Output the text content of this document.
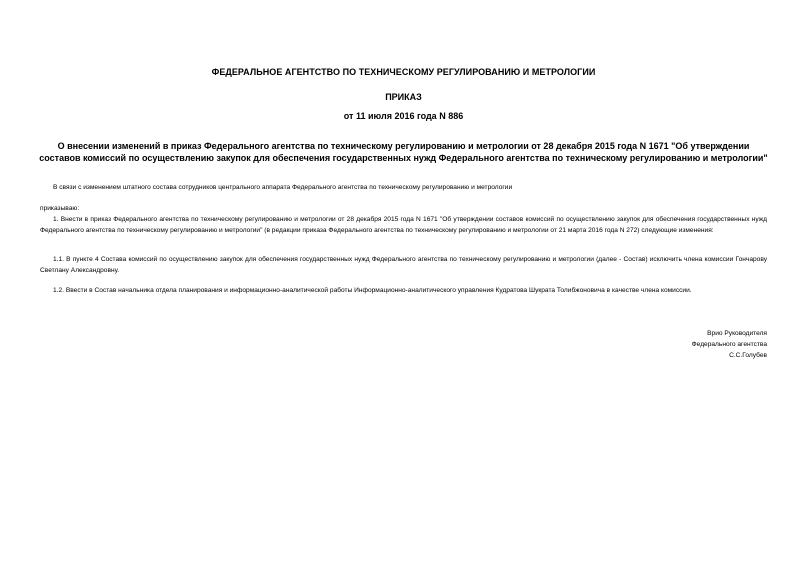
ФЕДЕРАЛЬНОЕ АГЕНТСТВО ПО ТЕХНИЧЕСКОМУ РЕГУЛИРОВАНИЮ И МЕТРОЛОГИИ
ПРИКАЗ
от 11 июля 2016 года N 886
О внесении изменений в приказ Федерального агентства по техническому регулированию и метрологии от 28 декабря 2015 года N 1671 "Об утверждении составов комиссий по осуществлению закупок для обеспечения государственных нужд Федерального агентства по техническому регулированию и метрологии"
В связи с изменением штатного состава сотрудников центрального аппарата Федерального агентства по техническому регулированию и метрологии
приказываю:
1. Внести в приказ Федерального агентства по техническому регулированию и метрологии от 28 декабря 2015 года N 1671 "Об утверждении составов комиссий по осуществлению закупок для обеспечения государственных нужд Федерального агентства по техническому регулированию и метрологии" (в редакции приказа Федерального агентства по техническому регулированию и метрологии от 21 марта 2016 года N 272) следующие изменения:
1.1. В пункте 4 Состава комиссий по осуществлению закупок для обеспечения государственных нужд Федерального агентства по техническому регулированию и метрологии (далее - Состав) исключить члена комиссии Гончарову Светлану Александровну.
1.2. Ввести в Состав начальника отдела планирования и информационно-аналитической работы Информационно-аналитического управления Кудратова Шукрата Толибжоновича в качестве члена комиссии.
Врио Руководителя
Федерального агентства
С.С.Голубев
